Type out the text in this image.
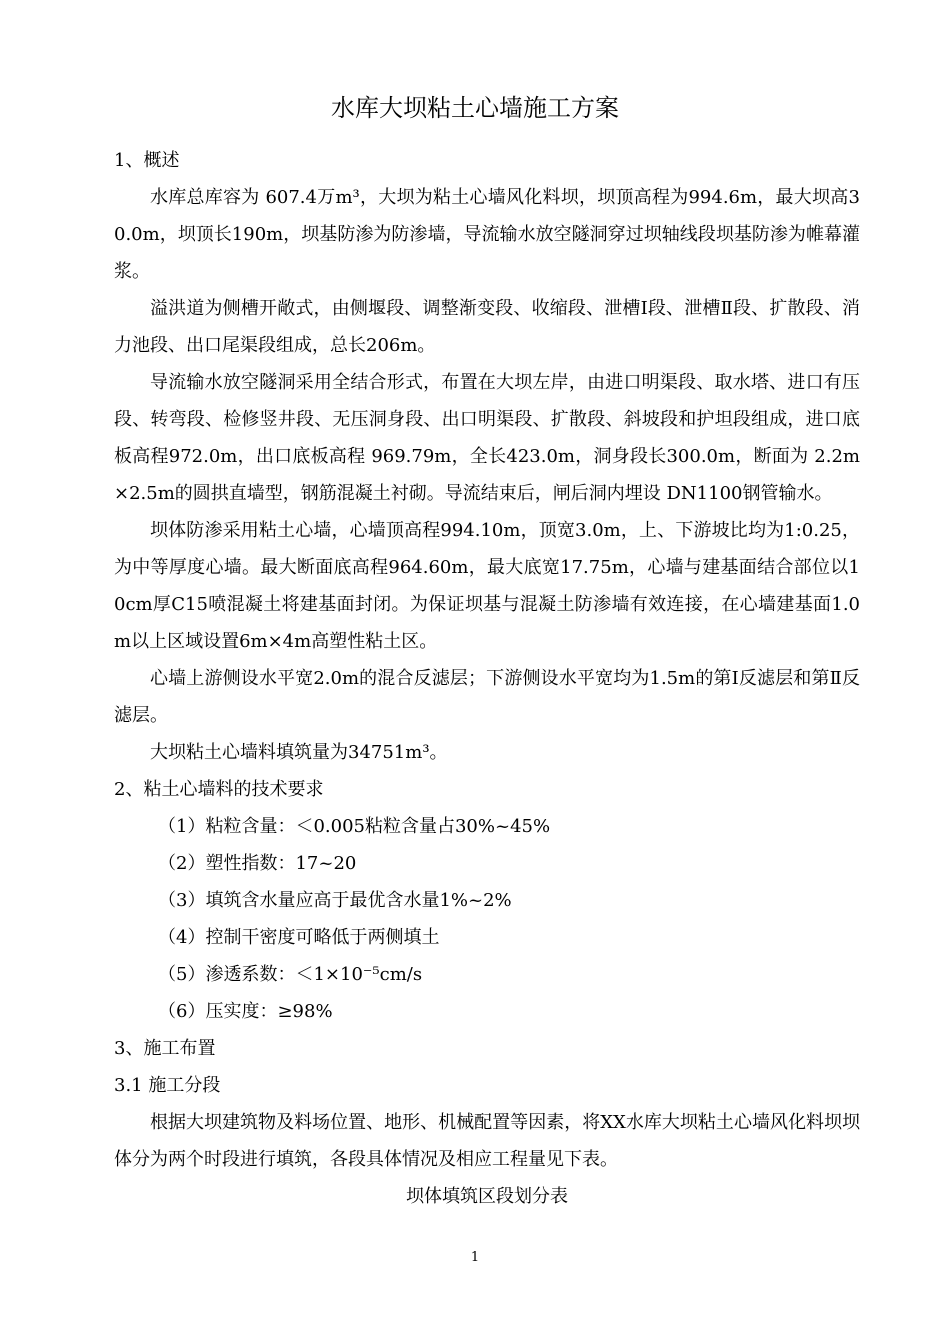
水库大坝粘土心墙施工方案

1、概述

水库总库容为 607.4万m³，大坝为粘土心墙风化料坝，坝顶高程为994.6m，最大坝高30.0m，坝顶长190m，坝基防渗为防渗墙，导流输水放空隧洞穿过坝轴线段坝基防渗为帷幕灌浆。

溢洪道为侧槽开敞式，由侧堰段、调整渐变段、收缩段、泄槽Ⅰ段、泄槽Ⅱ段、扩散段、消力池段、出口尾渠段组成，总长206m。

导流输水放空隧洞采用全结合形式，布置在大坝左岸，由进口明渠段、取水塔、进口有压段、转弯段、检修竖井段、无压洞身段、出口明渠段、扩散段、斜坡段和护坦段组成，进口底板高程972.0m，出口底板高程 969.79m，全长423.0m，洞身段长300.0m，断面为 2.2m×2.5m的圆拱直墙型，钢筋混凝土衬砌。导流结束后，闸后洞内埋设 DN1100钢管输水。

坝体防渗采用粘土心墙，心墙顶高程994.10m，顶宽3.0m，上、下游坡比均为1:0.25，为中等厚度心墙。最大断面底高程964.60m，最大底宽17.75m，心墙与建基面结合部位以10cm厚C15喷混凝土将建基面封闭。为保证坝基与混凝土防渗墙有效连接，在心墙建基面1.0m以上区域设置6m×4m高塑性粘土区。

心墙上游侧设水平宽2.0m的混合反滤层；下游侧设水平宽均为1.5m的第Ⅰ反滤层和第Ⅱ反滤层。

大坝粘土心墙料填筑量为34751m³。

2、粘土心墙料的技术要求

（1）粘粒含量：＜0.005粘粒含量占30%~45%

（2）塑性指数：17~20

（3）填筑含水量应高于最优含水量1%~2%

（4）控制干密度可略低于两侧填土

（5）渗透系数：＜1×10⁻⁵cm/s

（6）压实度：≥98%

3、施工布置

3.1 施工分段

根据大坝建筑物及料场位置、地形、机械配置等因素，将XX水库大坝粘土心墙风化料坝坝体分为两个时段进行填筑，各段具体情况及相应工程量见下表。

坝体填筑区段划分表

1
